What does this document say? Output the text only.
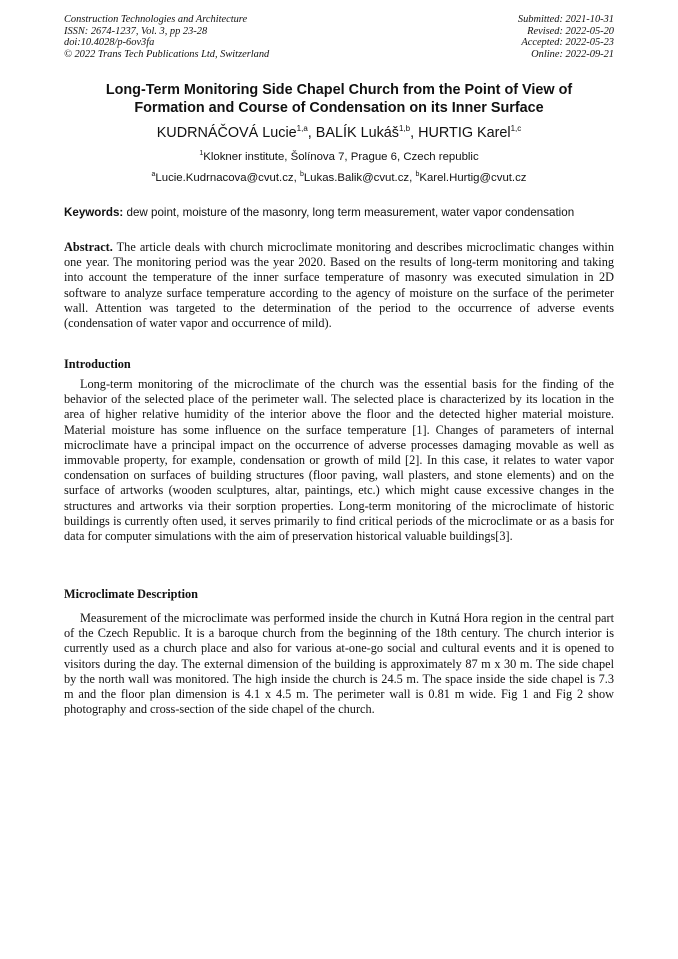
Construction Technologies and Architecture
ISSN: 2674-1237, Vol. 3, pp 23-28
doi:10.4028/p-6ov3fa
© 2022 Trans Tech Publications Ltd, Switzerland
Submitted: 2021-10-31
Revised: 2022-05-20
Accepted: 2022-05-23
Online: 2022-09-21
Long-Term Monitoring Side Chapel Church from the Point of View of
Formation and Course of Condensation on its Inner Surface
KUDRNÁČOVÁ Lucie$^{1,a}$, BALÍK Lukáš$^{1,b}$, HURTIG Karel$^{1,c}$
$^1$Klokner institute, Šolínova 7, Prague 6, Czech republic
$^a$Lucie.Kudrnacova@cvut.cz, $^b$Lukas.Balik@cvut.cz, $^b$Karel.Hurtig@cvut.cz
Keywords: dew point, moisture of the masonry, long term measurement, water vapor condensation
Abstract. The article deals with church microclimate monitoring and describes microclimatic changes within one year. The monitoring period was the year 2020. Based on the results of long-term monitoring and taking into account the temperature of the inner surface temperature of masonry was executed simulation in 2D software to analyze surface temperature according to the agency of moisture on the surface of the perimeter wall. Attention was targeted to the determination of the period to the occurrence of adverse events (condensation of water vapor and occurrence of mild).
Introduction
Long-term monitoring of the microclimate of the church was the essential basis for the finding of the behavior of the selected place of the perimeter wall. The selected place is characterized by its location in the area of higher relative humidity of the interior above the floor and the detected higher material moisture. Material moisture has some influence on the surface temperature [1]. Changes of parameters of internal microclimate have a principal impact on the occurrence of adverse processes damaging movable as well as immovable property, for example, condensation or growth of mild [2]. In this case, it relates to water vapor condensation on surfaces of building structures (floor paving, wall plasters, and stone elements) and on the surface of artworks (wooden sculptures, altar, paintings, etc.) which might cause excessive changes in the structures and artworks via their sorption properties. Long-term monitoring of the microclimate of historic buildings is currently often used, it serves primarily to find critical periods of the microclimate or as a basis for data for computer simulations with the aim of preservation historical valuable buildings[3].
Microclimate Description
Measurement of the microclimate was performed inside the church in Kutná Hora region in the central part of the Czech Republic. It is a baroque church from the beginning of the 18th century. The church interior is currently used as a church place and also for various at-one-go social and cultural events and it is opened to visitors during the day. The external dimension of the building is approximately 87 m x 30 m. The side chapel by the north wall was monitored. The high inside the church is 24.5 m. The space inside the side chapel is 7.3 m and the floor plan dimension is 4.1 x 4.5 m. The perimeter wall is 0.81 m wide. Fig 1 and Fig 2 show photography and cross-section of the side chapel of the church.
